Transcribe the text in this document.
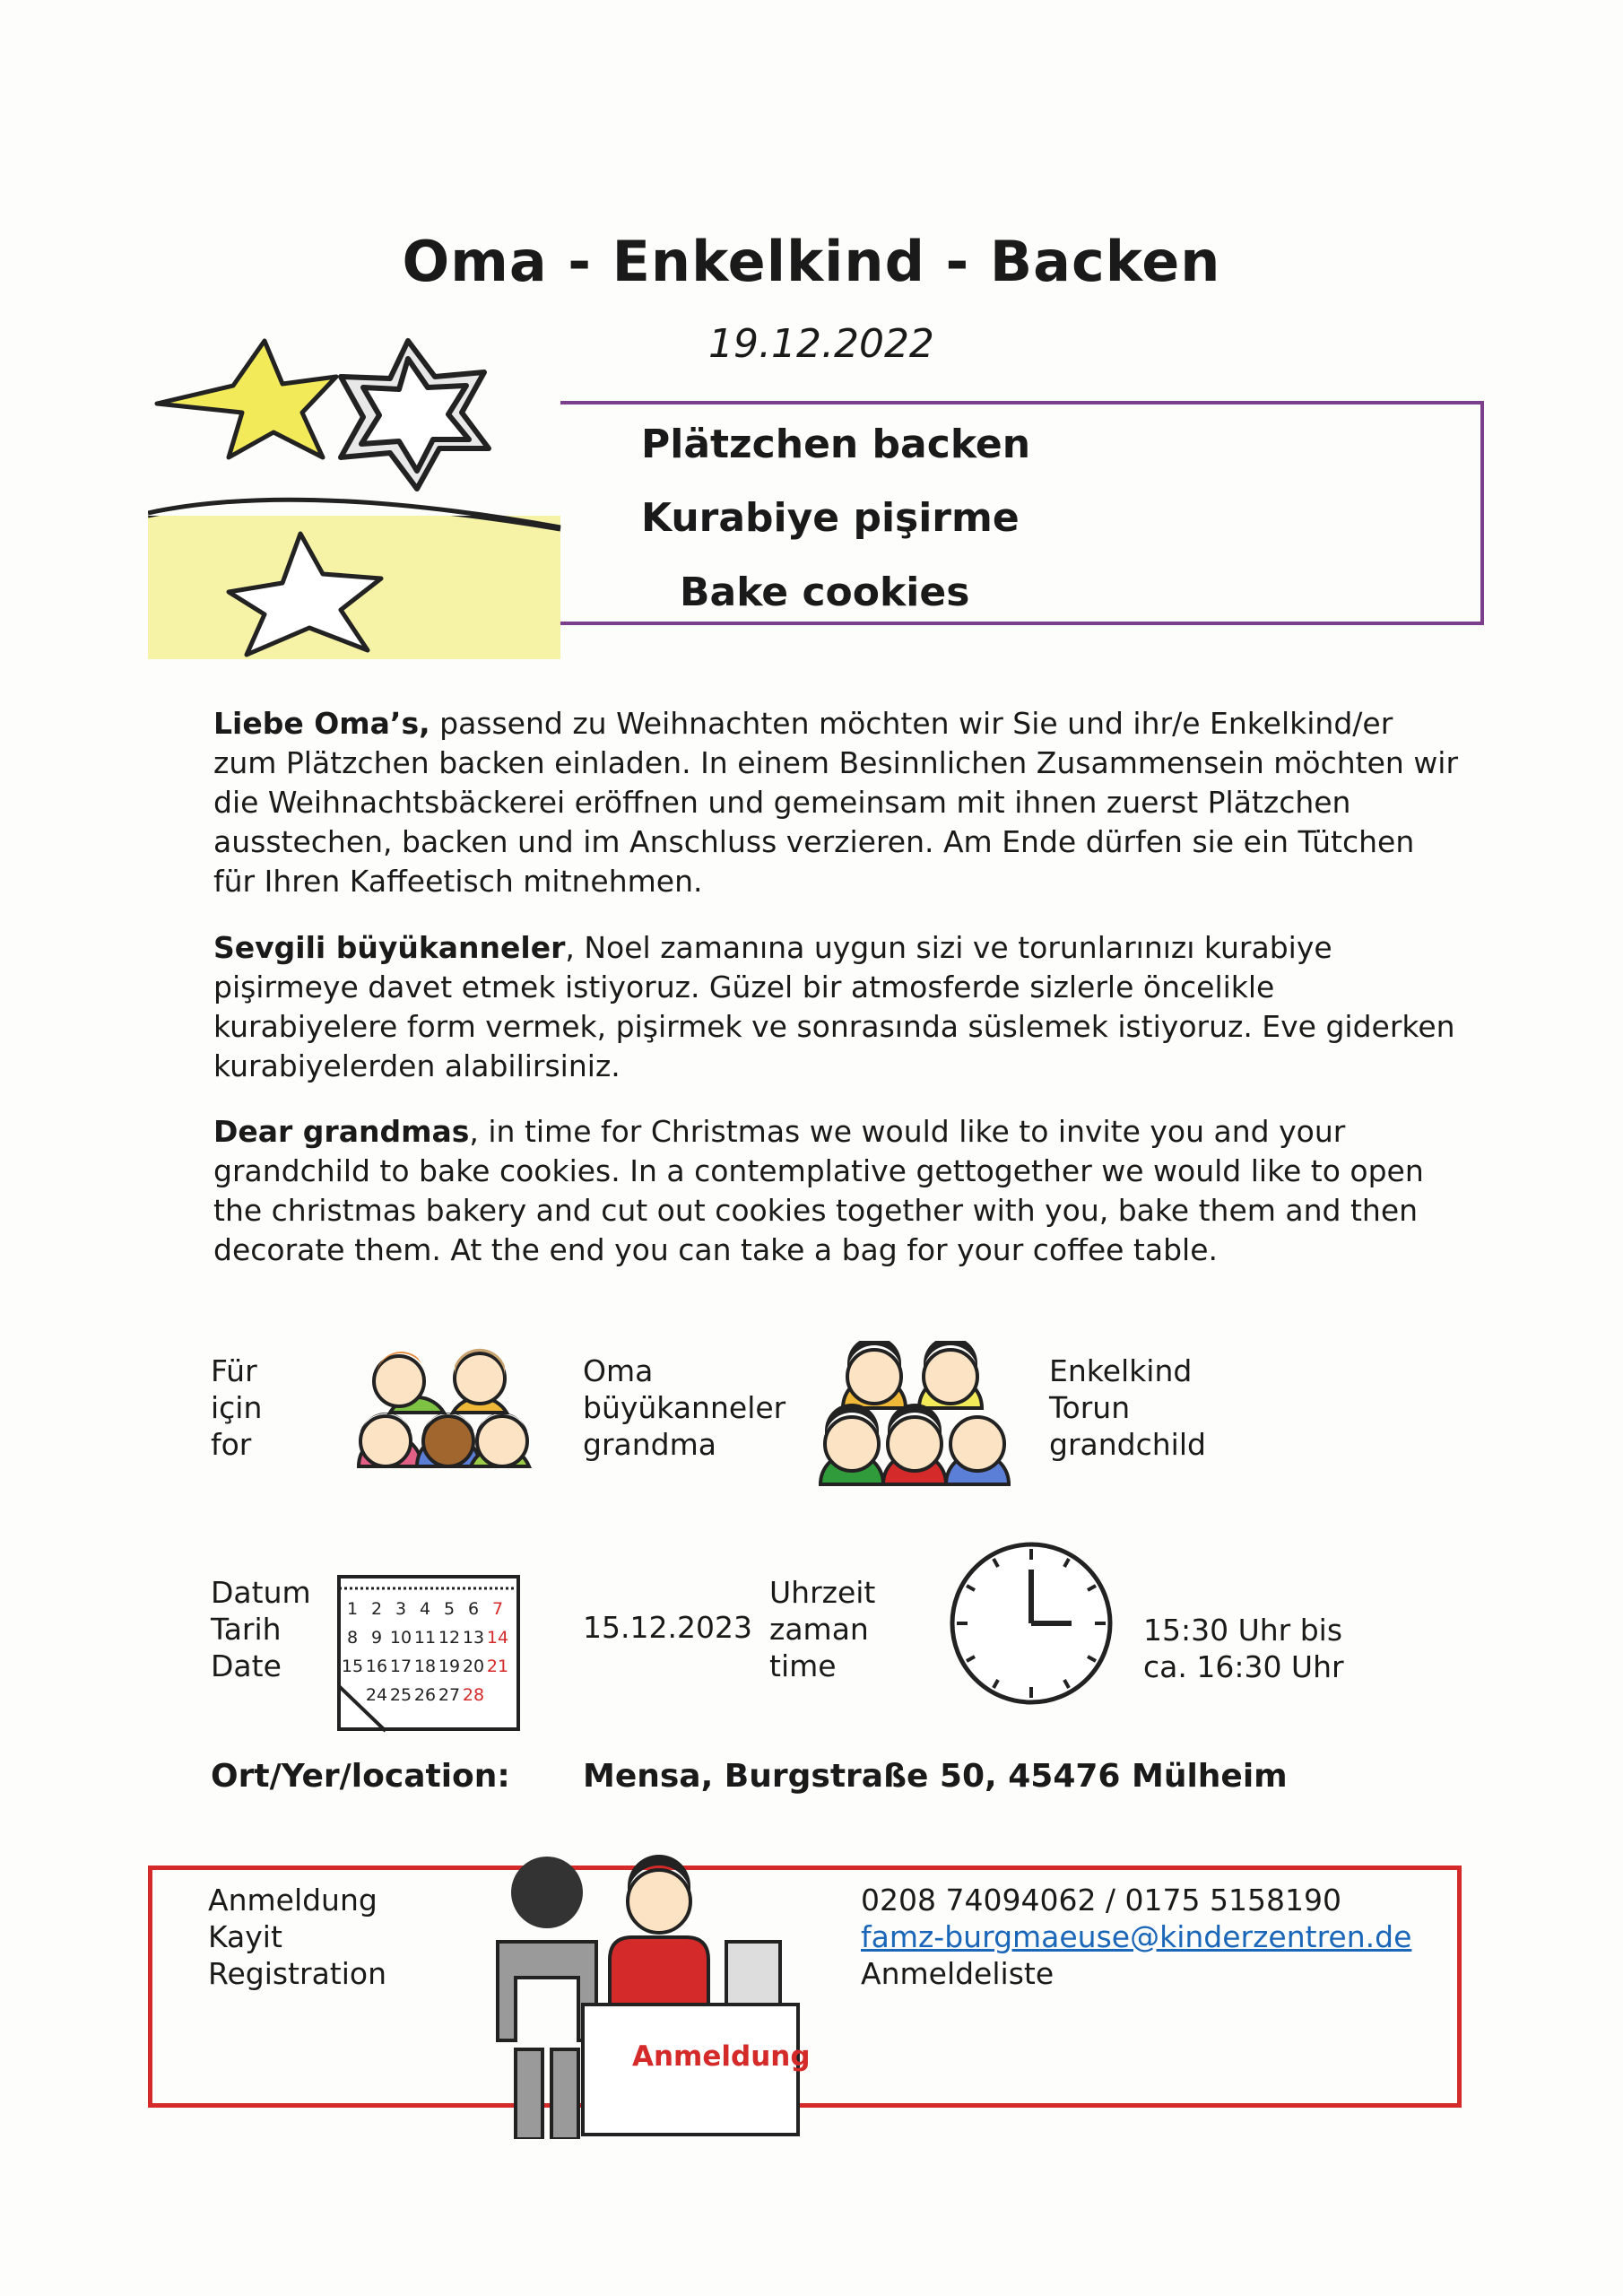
Oma - Enkelkind - Backen
19.12.2022
Plätzchen backen
Kurabiye pişirme
Bake cookies
Liebe Oma’s, passend zu Weihnachten möchten wir Sie und ihr/e Enkelkind/er zum Plätzchen backen einladen. In einem Besinnlichen Zusammensein möchten wir die Weihnachtsbäckerei eröffnen und gemeinsam mit ihnen zuerst Plätzchen ausstechen, backen und im Anschluss verzieren. Am Ende dürfen sie ein Tütchen für Ihren Kaffeetisch mitnehmen.
Sevgili büyükanneler, Noel zamanına uygun sizi ve torunlarınızı kurabiye pişirmeye davet etmek istiyoruz. Güzel bir atmosferde sizlerle öncelikle kurabiyelere form vermek, pişirmek ve sonrasında süslemek istiyoruz. Eve giderken kurabiyelerden alabilirsiniz.
Dear grandmas, in time for Christmas we would like to invite you and your grandchild to bake cookies. In a contemplative gettogether we would like to open the christmas bakery and cut out cookies together with you, bake them and then decorate them. At the end you can take a bag for your coffee table.
Für
için
for
Oma
büyükanneler
grandma
Enkelkind
Torun
grandchild
Datum
Tarih
Date
1 2 3 4 5 6 7
8 9 10 11 12 13 14
15 16 17 18 19 20 21
24 25 26 27 28
15.12.2023
Uhrzeit
zaman
time
15:30 Uhr bis
ca. 16:30 Uhr
Ort/Yer/location: Mensa, Burgstraße 50, 45476 Mülheim
Anmeldung
Kayit
Registration
Anmeldung
0208 74094062 / 0175 5158190
famz-burgmaeuse@kinderzentren.de
Anmeldeliste
